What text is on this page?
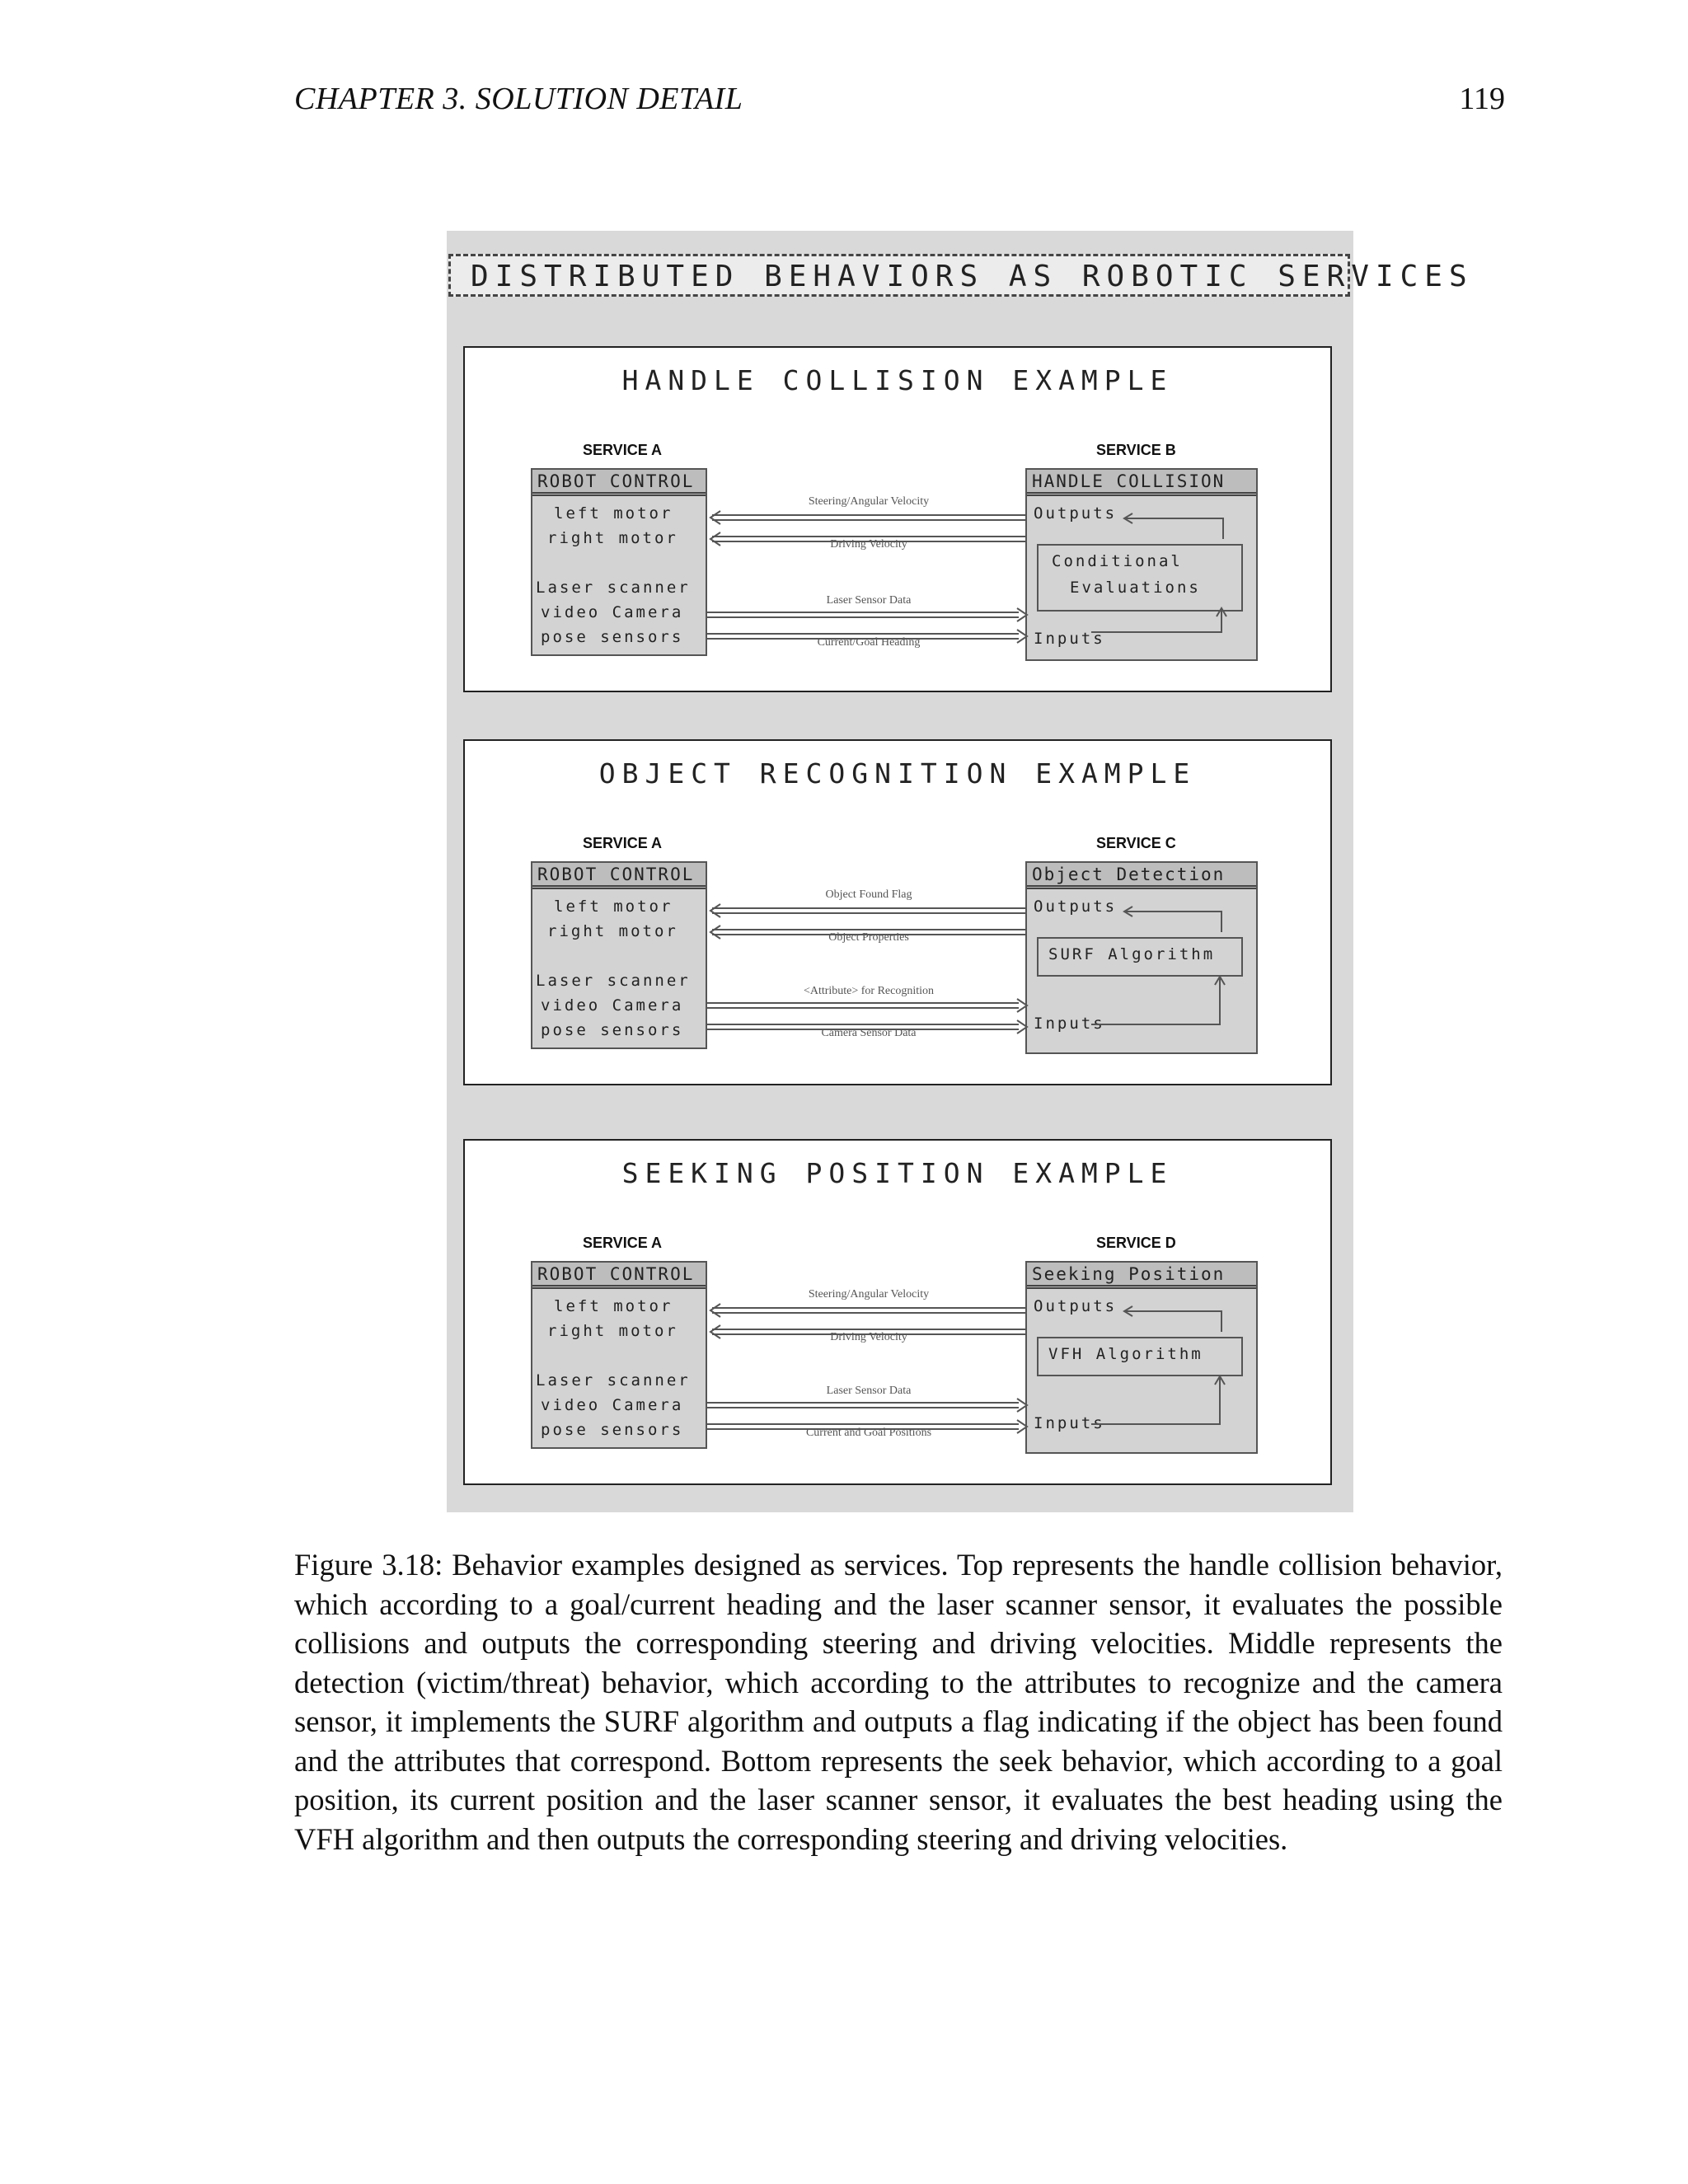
CHAPTER 3. SOLUTION DETAIL	119
DISTRIBUTED BEHAVIORS AS ROBOTIC SERVICES
HANDLE COLLISION EXAMPLE
SERVICE A	SERVICE B
ROBOT CONTROL
left motor
right motor
Laser scanner
video Camera
pose sensors
HANDLE COLLISION
Outputs
Conditional
Evaluations
Inputs
Steering/Angular Velocity
Driving Velocity
Laser Sensor Data
Current/Goal Heading
OBJECT RECOGNITION EXAMPLE
SERVICE A	SERVICE C
ROBOT CONTROL
left motor
right motor
Laser scanner
video Camera
pose sensors
Object Detection
Outputs
SURF Algorithm
Inputs
Object Found Flag
Object Properties
<Attribute> for Recognition
Camera Sensor Data
SEEKING POSITION EXAMPLE
SERVICE A	SERVICE D
ROBOT CONTROL
left motor
right motor
Laser scanner
video Camera
pose sensors
Seeking Position
Outputs
VFH Algorithm
Inputs
Steering/Angular Velocity
Driving Velocity
Laser Sensor Data
Current and Goal Positions
Figure 3.18: Behavior examples designed as services. Top represents the handle collision behavior, which according to a goal/current heading and the laser scanner sensor, it evaluates the possible collisions and outputs the corresponding steering and driving velocities. Middle represents the detection (victim/threat) behavior, which according to the attributes to recognize and the camera sensor, it implements the SURF algorithm and outputs a flag indicating if the object has been found and the attributes that correspond. Bottom represents the seek behavior, which according to a goal position, its current position and the laser scanner sensor, it evaluates the best heading using the VFH algorithm and then outputs the corresponding steering and driving velocities.
